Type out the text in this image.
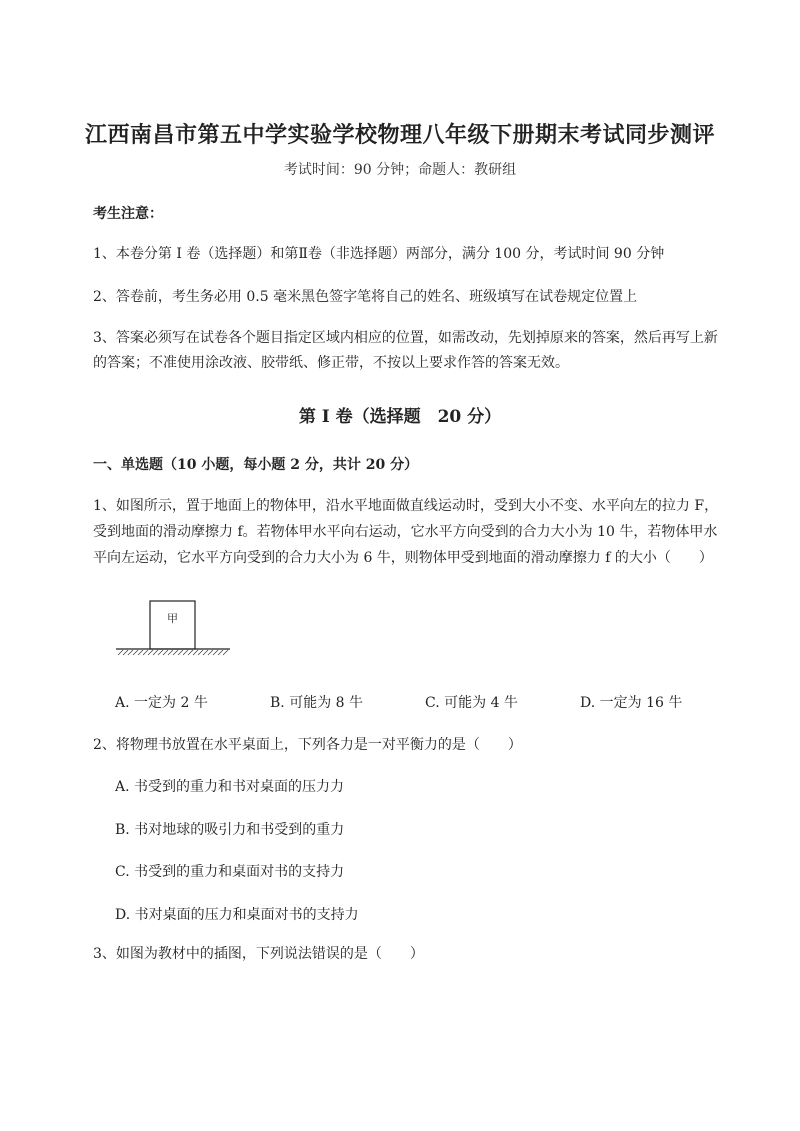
江西南昌市第五中学实验学校物理八年级下册期末考试同步测评
考试时间：90 分钟；命题人：教研组
考生注意：
1、本卷分第 I 卷（选择题）和第Ⅱ卷（非选择题）两部分，满分 100 分，考试时间 90 分钟
2、答卷前，考生务必用 0.5 毫米黑色签字笔将自己的姓名、班级填写在试卷规定位置上
3、答案必须写在试卷各个题目指定区域内相应的位置，如需改动，先划掉原来的答案，然后再写上新
的答案；不准使用涂改液、胶带纸、修正带，不按以上要求作答的答案无效。
第 I 卷（选择题　20 分）
一、单选题（10 小题，每小题 2 分，共计 20 分）
1、如图所示，置于地面上的物体甲，沿水平地面做直线运动时，受到大小不变、水平向左的拉力 F，
受到地面的滑动摩擦力 f。若物体甲水平向右运动，它水平方向受到的合力大小为 10 牛，若物体甲水
平向左运动，它水平方向受到的合力大小为 6 牛，则物体甲受到地面的滑动摩擦力 f 的大小（　　）
甲
A. 一定为 2 牛	B. 可能为 8 牛	C. 可能为 4 牛	D. 一定为 16 牛
2、将物理书放置在水平桌面上，下列各力是一对平衡力的是（　　）
A. 书受到的重力和书对桌面的压力力
B. 书对地球的吸引力和书受到的重力
C. 书受到的重力和桌面对书的支持力
D. 书对桌面的压力和桌面对书的支持力
3、如图为教材中的插图，下列说法错误的是（　　）
